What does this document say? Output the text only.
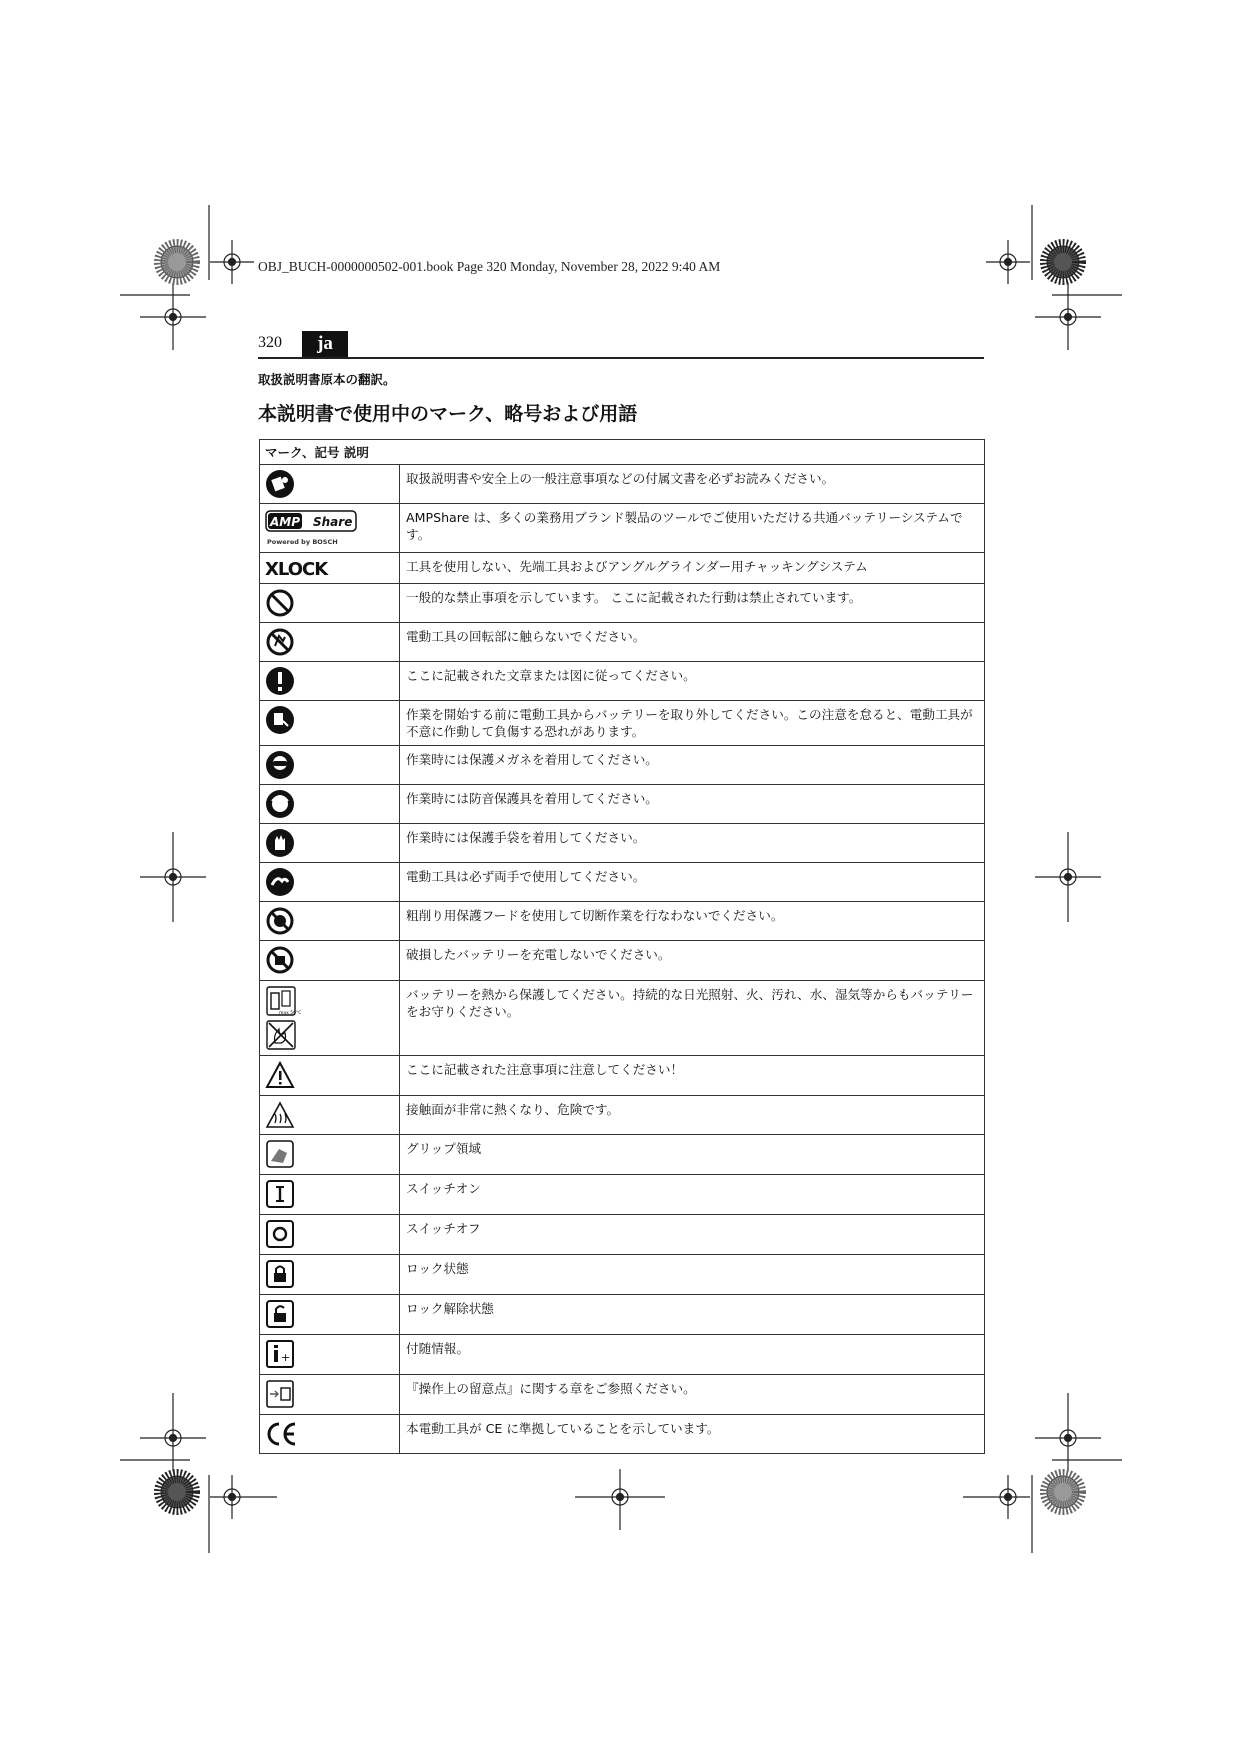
OBJ_BUCH-0000000502-001.book Page 320 Monday, November 28, 2022 9:40 AM
320	ja
取扱説明書原本の翻訳。
本説明書で使用中のマーク、略号および用語
マーク、記号 説明	

	取扱説明書や安全上の一般注意事項などの付属文書を必ずお読みください。

AMP Share
Powered by BOSCH	AMPShare は、多くの業務用ブランド製品のツールでご使用いただける共通バッテリーシステムです。

XLOCK	工具を使用しない、先端工具およびアングルグラインダー用チャッキングシステム

	一般的な禁止事項を示しています。 ここに記載された行動は禁止されています。

	電動工具の回転部に触らないでください。

	ここに記載された文章または図に従ってください。

	作業を開始する前に電動工具からバッテリーを取り外してください。この注意を怠ると、電動工具が不意に作動して負傷する恐れがあります。

	作業時には保護メガネを着用してください。

	作業時には防音保護具を着用してください。

	作業時には保護手袋を着用してください。

	電動工具は必ず両手で使用してください。

	粗削り用保護フードを使用して切断作業を行なわないでください。

	破損したバッテリーを充電しないでください。

max 50°C	バッテリーを熱から保護してください。持続的な日光照射、火、汚れ、水、湿気等からもバッテリーをお守りください。

	ここに記載された注意事項に注意してください！

	接触面が非常に熱くなり、危険です。

	グリップ領域

	スイッチオン

	スイッチオフ

	ロック状態

	ロック解除状態

+	付随情報。

	『操作上の留意点』に関する章をご参照ください。

	本電動工具が CE に準拠していることを示しています。
